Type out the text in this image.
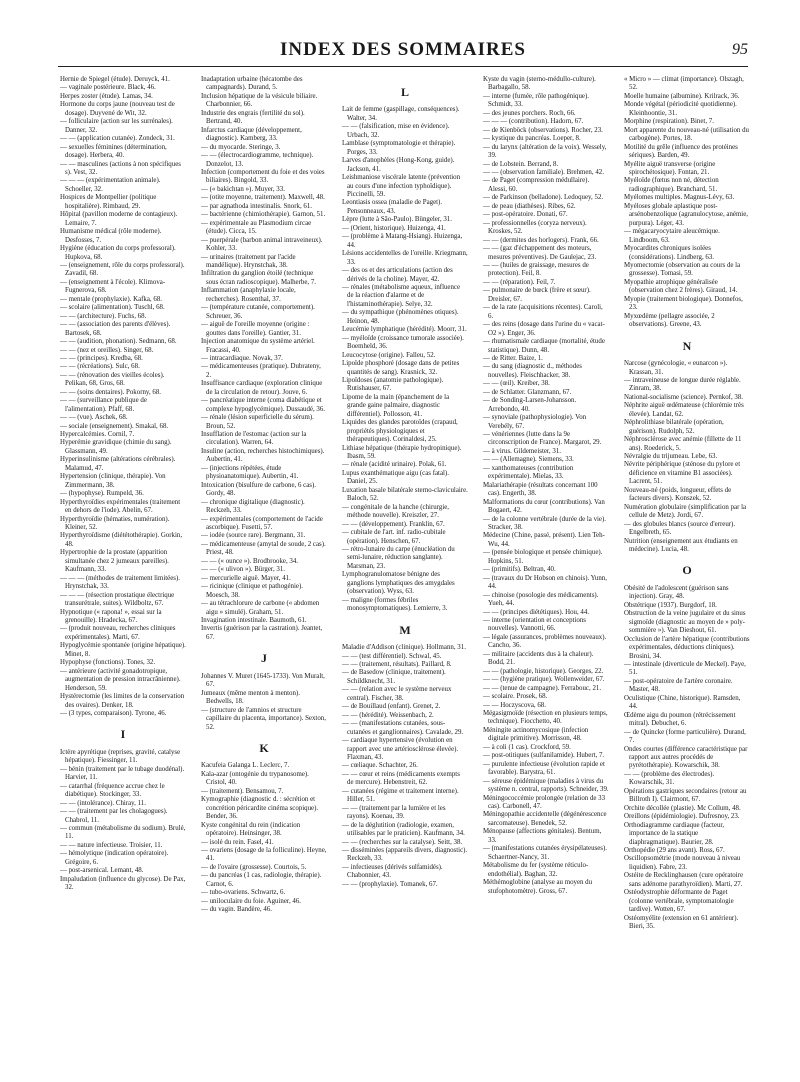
INDEX DES SOMMAIRES	95
Hernie de Spiegel (étude). Deruyck, 41.
— vaginale postérieure. Black, 46.
Herpes zoster (étude). Lamas, 34.
Hormone du corps jaune (nouveau test de dosage). Duyvené de Wit, 32.
— folliculaire (action sur les surrénales). Danner, 32.
— — (application cutanée). Zondeck, 31.
— sexuelles féminines (détermination, dosage). Herbera, 40.
— — masculines (actions à non spécifiques s). Vest, 32.
— — — (expérimentation animale). Schoeller, 32.
Hospices de Montpellier (politique hospitalière). Rimbaud, 29.
Hôpital (pavillon moderne de contagieux). Lemaire, 7.
Humanisme médical (rôle moderne). Desfosses, 7.
Hygiène (éducation du corps professoral). Hupkova, 68.
— (enseignement, rôle du corps professoral). Zavadil, 68.
— (enseignement à l'école). Klimova-Fugnerova, 68.
— mentale (prophylaxie). Kafka, 68.
— scolaire (alimentation). Tuschl, 68.
— — (architecture). Fuchs, 68.
— — (association des parents d'élèves). Bartosek, 68.
— — (audition, phonation). Sedmann, 68.
— — (nez et oreilles). Singer, 68.
— — (principes). Kredba, 68.
— — (récréations). Sulc, 68.
— — (rénovation des vieilles écoles). Pelikan, 68, Gros, 68.
— — (soins dentaires). Pokorny, 68.
— — (surveillance publique de l'alimentation). Pfaff, 68.
— — (vue). Aschek, 68.
— sociale (enseignement). Smakal, 68.
Hypercalcémies. Cornil, 7.
Hyperémie gravidique (chimie du sang). Glassmann, 49.
Hyperinsulinisme (altérations cérébrales). Malamud, 47.
Hypertension (clinique, thérapie). Von Zimmermann, 38.
— (hypophyse). Rumpeld, 36.
Hyperthyroïdies expérimentales (traitement en dehors de l'iode). Abelin, 67.
Hyperthyroïdie (hématies, numération). Kleiner, 52.
Hyperthyroïdisme (diététothérapie). Gorkin, 48.
Hypertrophie de la prostate (apparition simultanée chez 2 jumeaux pareilles). Kaufmann, 33.
— — — (méthodes de traitement limitées). Hrynstchak, 33.
— — — (résection prostatique électrique transurétrale, suites). Wildboltz, 67.
Hypnotique (« rapona! », essai sur la grenouille). Hradecka, 67.
— (produit nouveau, recherches cliniques expérimentales). Marti, 67.
Hypoglycémie spontanée (origine hépatique). Minet, 8.
Hypophyse (fonctions). Tones, 32.
— antérieure (activité gonadotropique, augmentation de pression intracrânienne). Henderson, 59.
Hystérectomie (les limites de la conservation des ovaires). Denker, 18.
— (3 types, comparaison). Tyrone, 46.
I
Ictère apyrétique (reprises, gravité, catalyse hépatique). Fiessinger, 11.
— bénin (traitement par le tubage duodénal). Harvier, 11.
— catarrhal (fréquence accrue chez le diabétique). Stockinger, 33.
— — (intolérance). Chiray, 11.
— — (traitement par les cholagogues). Chabrol, 11.
— commun (métabolisme du sodium). Brulé, 11.
— — nature infectieuse. Troisier, 11.
— hémolytique (indication opératoire). Grégoire, 6.
— post-arsenical. Lemant, 48.
Impaludation (influence du glycose). De Pax, 32.
Inadaptation urbaine (hécatombe des campagnards). Durand, 5.
Inclusion hépatique de la vésicule biliaire. Charbonnier, 66.
Industrie des engrais (fertilité du sol). Bertrand, 40.
Infarctus cardiaque (développement, diagnostic). Kamberg, 33.
— du myocarde. Steringe, 3.
— — (électrocardiogramme, technique). Donzelot, 13.
Infection (comportement du foie et des voies biliaires). Bingold, 33.
— (« bakichtan »). Muyer, 33.
— (otite moyenne, traitement). Maxwell, 48.
— par agnathoda intestinalis. Snork, 61.
— bactérienne (chimiothérapie). Garnon, 51.
— expérimentale au Plasmodium circae (étude). Cicca, 15.
— puerpérale (barbon animal intraveineux). Kohler, 33.
— urinaires (traitement par l'acide mandélique). Hrynstchak, 38.
Infiltration du ganglion étoilé (technique sous écran radioscopique). Malherbe, 7.
Inflammation (anaphylaxie locale, recherches). Rosenthal, 37.
— (température cutanée, comportement). Schreuer, 36.
— aiguë de l'oreille moyenne (origine : gouttes dans l'oreille). Gantier, 31.
Injection anatomique du système artériel. Fracassi, 40.
— intracardiaque. Novak, 37.
— médicamenteuses (pratique). Dubrateny, 2.
Insuffisance cardiaque (exploration clinique de la circulation de retour). Jouve, 6.
— pancréatique interne (coma diabétique et complexe hypoglycémique). Dussaudé, 36.
— rénale (lésion superficielle du sérum). Broun, 52.
Insufflation de l'estomac (action sur la circulation). Warren, 64.
Insuline (action, recherches histochimiques). Aubertin, 41.
— (injections répétées, étude physioanatomique). Aubertin, 41.
Intoxication (bisulfure de carbone, 6 cas). Gordy, 48.
— chronique digitalique (diagnostic). Reckzeh, 33.
— expérimentales (comportement de l'acide ascorbique). Fusetti, 57.
— iodée (source rare). Bergmann, 31.
— médicamenteuse (amytal de soude, 2 cas). Priest, 48.
— — (« ounce »). Brodbrooke, 34.
— — (« ulivon »). Bürger, 31.
— mercurielle aiguë. Mayer, 41.
— ricinique (clinique et pathogénie). Moesch, 38.
— au tétrachlorure de carbone (« abdomen aigu » simulé). Graham, 51.
Invagination intestinale. Baumoth, 61.
Invertis (guérison par la castration). Jeantet, 67.
J
Johannes V. Muret (1645-1733). Von Muralt, 67.
Jumeaux (même menton à menton). Bedwells, 18.
— (structure de l'amnios et structure capillaire du placenta, importance). Sexton, 52.
K
Kacufeia Galanga L. Leclerc, 7.
Kala-azar (ontogénie du trypanosome). Cristol, 40.
— (traitement). Bensamou, 7.
Kymographie (diagnostic d. : sécrétion et concrétion péricardite cinéma scopique). Bender, 36.
Kyste congénital du rein (indication opératoire). Heinsinger, 38.
— isolé du rein. Fasel, 41.
— ovariens (dosage de la folliculine). Heyne, 41.
— de l'ovaire (grossesse). Courtois, 5.
— du pancréas (1 cas, radiologie, thérapie). Carnot, 6.
— tubo-ovariens. Schwartz, 6.
— uniloculaire du foie. Aguiner, 46.
— du vagin. Bandère, 46.
L
Lait de femme (gaspillage, conséquences). Walter, 34.
— — (falsification, mise en évidence). Urbach, 32.
Lamblase (symptomatologie et thérapie). Porges, 33.
Larves d'anophèles (Hong-Kong, guide). Jackson, 41.
Leishmaniose viscérale latente (prévention au cours d'une infection typhoïdique). Piccinelli, 59.
Leontiasis ossea (maladie de Paget). Pensonneaux, 43.
Lèpre (lutte à São-Paulo). Büngeler, 31.
— (Orient, historique). Huizenga, 41.
— (problème à Matang-Hsiang). Huizenga, 44.
Lésions accidentelles de l'oreille. Kriegmann, 33.
— des os et des articulations (action des dérivés de la choline). Mayer, 42.
— rénales (métabolisme aqueux, influence de la réaction d'alarme et de l'histaminothérapie). Selye, 32.
— du sympathique (phénomènes otiques). Heinon, 48.
Leucémie lymphatique (hérédité). Moorr, 31.
— myéloïde (croissance tumorale associée). Boemheld, 36.
Leucocytose (origine). Falleu, 52.
Lipoïde phosphoré (dosage dans de petites quantités de sang). Krasnick, 32.
Lipoïdoses (anatomie pathologique). Rutishauser, 67.
Lipome de la main (épanchement de la grande gaine palmaire, diagnostic différentiel). Pollosson, 41.
Liquides des glandes parotoïdes (crapaud, propriétés physiologiques et thérapeutiques). Corinaldesi, 25.
Lithiase hépatique (thérapie hydropinique). Ibasm, 59.
— rénale (acidité urinaire). Polak, 61.
Lupus exanthématique aigu (cas fatal). Daniel, 25.
Luxation basale bilatérale sterno-claviculaire. Baloch, 52.
— congénitale de la hanche (chirurgie, méthode nouvelle). Kreiszler, 27.
— — (développement). Franklin, 67.
— cubitale de l'art. inf. radio-cubitale (opération). Henschen, 67.
— rétro-lunaire du carpe (énucléation du semi-lunaire, réduction sanglante). Marsman, 23.
Lymphogranulomatose bénigne des ganglions lymphatiques des amygdales (observation). Wyss, 63.
— maligne (formes fébriles monosymptomatiques). Lemierre, 3.
M
Maladie d'Addison (clinique). Hollmann, 31.
— — (test différentiel). Schwal, 45.
— — (traitement, résultats). Paillard, 8.
— de Basedow (clinique, traitement). Schildknecht, 31.
— — (relation avec le système nerveux central). Fischer, 38.
— de Bouillaud (enfant). Grenet, 2.
— — (hérédité). Weissenbach, 2.
— — (manifestations cutanées, sous-cutanées et ganglionnaires). Cavalade, 29.
— cardiaque hypertensive (évolution en rapport avec une artériosclérose élevée). Flaxman, 43.
— cœliaque. Schachter, 26.
— — cœur et reins (médicaments exempts de mercure). Hebenstreit, 62.
— cutanées (régime et traitement interne). Hiller, 51.
— — (traitement par la lumière et les rayons). Koenau, 39.
— de la déglutition (radiologie, examen, utilisables par le praticien). Kaufmann, 34.
— — (recherches sur la catalyse). Seitt, 38.
— disséminées (appareils divers, diagnostic). Reckzeh, 33.
— infectieuses (dérivés sulfamidés). Chabonnier, 43.
— — (prophylaxie). Tomanek, 67.
Kyste du vagin (sterno-médullo-culture). Barbagallo, 58.
— interne (fumée, rôle pathogénique). Schmidt, 33.
— des jeunes porchers. Roch, 66.
— — — (contribution). Hadorn, 67.
— de Kienböck (observations). Rocher, 23.
— kystique du pancréas. Loeper, 8.
— du larynx (altération de la voix). Wessely, 39.
— de Lobstein. Berrand, 8.
— — (observation familiale). Brehmen, 42.
— de Paget (compression médullaire). Alessi, 60.
— de Parkinson (belladone). Ledoquey, 52.
— de peau (diathèses). Ribes, 62.
— post-opératoire. Donati, 67.
— professionnelles (coryza nerveux). Kroskes, 52.
— — (dermites des horlogers). Frank, 66.
— — (gaz d'échappement des moteurs, mesures préventives). De Gaulejac, 23.
— — (huiles de graissage, mesures de protection). Feil, 8.
— — (réparation). Feil, 7.
— pulmonaire de bœck (frère et sœur). Dreisler, 67.
— de la rate (acquisitions récentes). Caroli, 6.
— des reins (dosage dans l'urine du « vacat-O2 »). Enger, 36.
— rhumatismale cardiaque (mortalité, étude statistique). Dunn, 48.
— de Ritter. Baize, 1.
— du sang (diagnostic d., méthodes nouvelles). Fleischhacker, 38.
— — (œil). Kreiber, 38.
— de Schlatter. Glanzmann, 67.
— de Sonding-Larsen-Johansson. Arrebondo, 40.
— synoviale (pathophysiologie). Von Verebély, 67.
— vénériennes (lutte dans la 9e circonscription de France). Margarot, 29.
— à virus. Gildemeister, 31.
— — (Allemagne). Siemens, 33.
— xanthomateuses (contribution expérimentale). Mielas, 33.
Malariathérapie (résultats concernant 100 cas). Engerth, 38.
Malformations du cœur (contributions). Van Bogaert, 42.
— de la colonne vertébrale (durée de la vie). Stracker, 38.
Médecine (Chine, passé, présent). Lien Teh-Wu, 44.
— (pensée biologique et pensée chimique). Hopkins, 51.
— (primitifs). Beltran, 40.
— (travaux du Dr Hobson en chinois). Yunn, 44.
— chinoise (posologie des médicaments). Yueh, 44.
— — (principes diététiques). Hou, 44.
— interne (orientation et conceptions nouvelles). Vannotti, 66.
— légale (assurances, problèmes nouveaux). Cancho, 36.
— militaire (accidents dus à la chaleur). Bodd, 21.
— — (pathologie, historique). Georges, 22.
— — (hygiène pratique). Wollenweider, 67.
— — (tenue de campagne). Ferrabouc, 21.
— scolaire. Prosek, 68.
— — Hoczyscova, 68.
Mégasigmoïde (résection en plusieurs temps, technique). Fiocchetto, 40.
Méningite actinomycosique (infection digitale primitive). Morrisson, 48.
— à coli (1 cas). Crockford, 59.
— post-otitiques (sulfanilamide). Hubert, 7.
— purulente infectieuse (évolution rapide et favorable). Barystra, 61.
— séreuse épidémique (maladies à virus du système n. central, rapports). Schneider, 39.
Méningococcémie prolongée (relation de 33 cas). Carbonell, 47.
Méningopathie accidentelle (dégénérescence sarcomateuse). Benedek, 52.
Ménopause (affections génitales). Bentum, 33.
— (manifestations cutanées érysipélateuses). Schaertner-Nancy, 31.
Métabolisme du fer (système réticulo-endothélial). Baghan, 32.
Méthémoglobine (analyse au moyen du stufophotomètre). Gross, 67.
« Micro » — climat (importance). Olszagh, 52.
Moelle humaine (albumine). Krilrack, 36.
Monde végétal (périodicité quotidienne). Kleinhoontie, 31.
Morphine (respiration). Binet, 7.
Mort apparente du nouveau-né (utilisation du carbogène). Portes, 18.
Motilité du grêle (influence des protéines sériques). Barden, 49.
Myélite aiguë transverse (origine spirochétosique). Fontan, 21.
Myéloïde (fœtus non né, détection radiographique). Branchard, 51.
Myélomes multiples. Magnus-Lévy, 63.
Myéloses globale aplastique post-arsénobenzolique (agranulocytose, anémie, purpura). Léger, 43.
— mégacaryocytaire aleucémique. Lindboom, 63.
Myocardites chroniques isolées (considérations). Lindberg, 63.
Myomectomie (observation au cours de la grossesse). Tomasi, 59.
Myopathie atrophique généralisée (observation chez 2 frères). Giraud, 14.
Myopie (traitement biologique). Donnefos, 23.
Myxœdème (pellagre associée, 2 observations). Greene, 43.
N
Narcose (gynécologie, « eunarcon »). Krassan, 31.
— intraveineuse de longue durée réglable. Zinram, 38.
National-socialisme (science). Pernkof, 38.
Néphrite aiguë œdémateuse (chlorémie très élevée). Landat, 62.
Néphrolithiase bilatérale (opération, guérison). Rudolph, 52.
Néphrosclérose avec anémie (fillette de 11 ans). Roederick, 5.
Névralgie du trijumeau. Lebe, 63.
Névrite périphérique (sténose du pylore et déficience en vitamine B1 associées). Lacrent, 51.
Nouveau-né (poids, longueur, effets de facteurs divers). Konszek, 52.
Numération globulaire (simplification par la cellule de Metz). Jordi, 67.
— des globules blancs (source d'erreur). Engelbreth, 65.
Nutrition (enseignement aux étudiants en médecine). Lucia, 48.
O
Obésité de l'adolescent (guérison sans injection). Gray, 48.
Obstétrique (1937). Burgdorf, 18.
Obstruction de la veine jugulaire et du sinus sigmoïde (diagnostic au moyen de » poly-sommière »). Van Dieshout, 61.
Occlusion de l'artère hépatique (contributions expérimentales, déductions cliniques). Brosini, 34.
— intestinale (diverticule de Meckel). Paye, 51.
— post-opératoire de l'artère coronaire. Master, 48.
Oculistique (Chine, historique). Ramsden, 44.
Œdème aigu du poumon (rétrécissement mitral). Debuchet, 6.
— de Quincke (forme particulière). Durand, 7.
Ondes courtes (différence caractéristique par rapport aux autres procédés de pyrétothérapie). Kowarschik, 38.
— — (problème des électrodes). Kowarschik, 31.
Opérations gastriques secondaires (retour au Billroth I). Clairmont, 67.
Orchite décollée (plastie). Mc Collum, 48.
Oreillons (épidémiologie). Dufresnoy, 23.
Orthodiagramme cardiaque (facteur, importance de la statique diaphragmatique). Baurier, 28.
Orthopédie (29 ans avant). Ross, 67.
Oscillopsométrie (mode nouveau à niveau liquidien). Fabre, 23.
Ostéite de Recklinghausen (cure opératoire sans adénome parathyroïdien). Marti, 27.
Ostéodystrophie déformante de Paget (colonne vertébrale, symptomatologie tardive). Wotten, 67.
Ostéomyélite (extension en 61 antérieur). Bieri, 35.
